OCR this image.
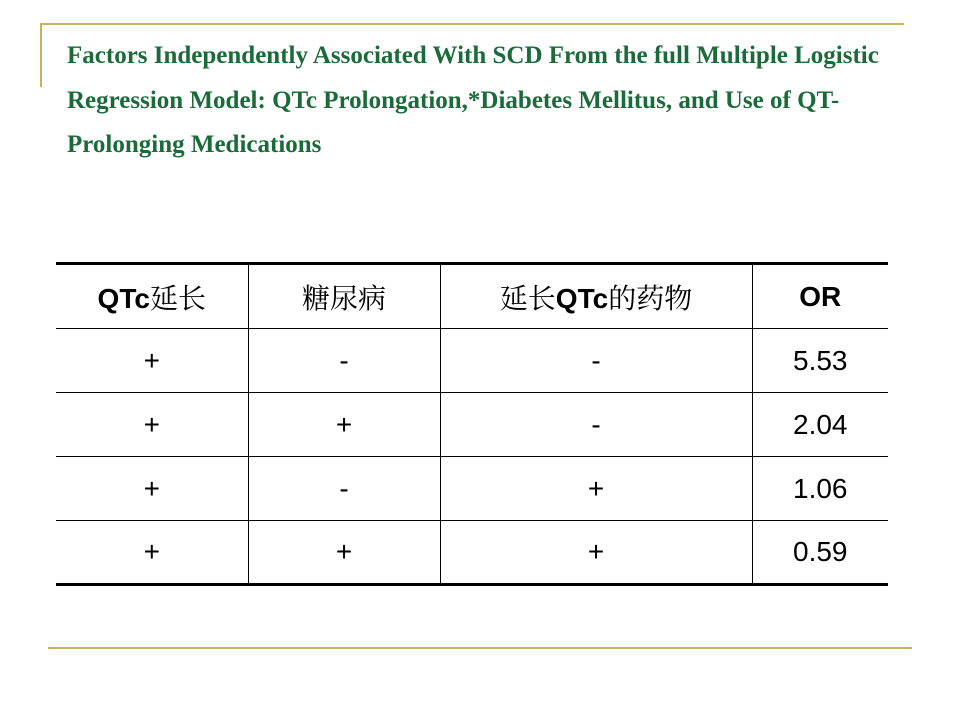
Factors Independently Associated With SCD From the full Multiple Logistic Regression Model: QTc Prolongation,*Diabetes Mellitus, and Use of QT-Prolonging Medications
QTc延长	糖尿病	延长QTc的药物	OR
+	-	-	5.53
+	+	-	2.04
+	-	+	1.06
+	+	+	0.59
